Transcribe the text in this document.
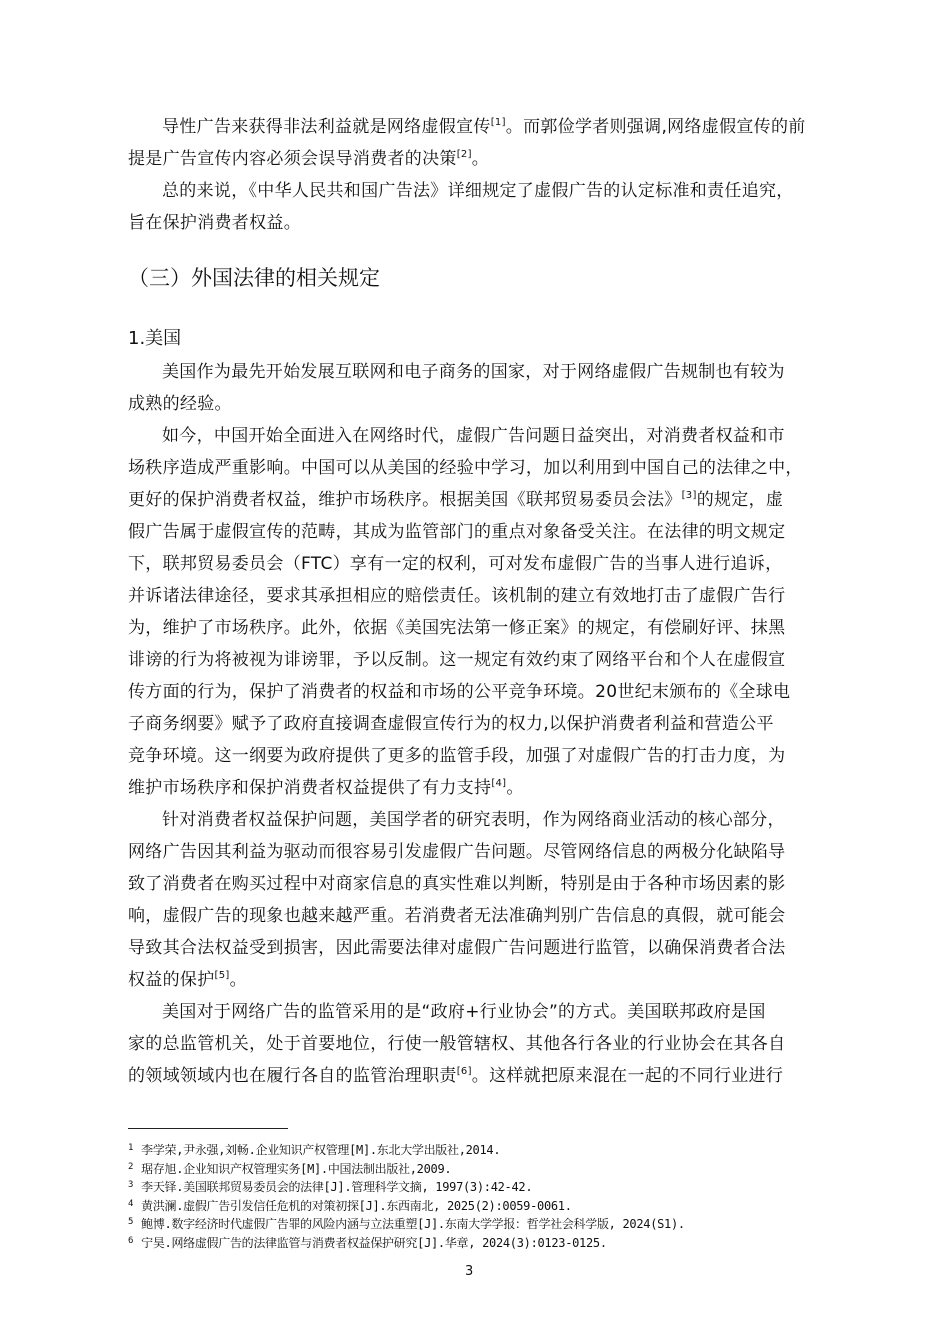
导性广告来获得非法利益就是网络虚假宣传[1]。而郭俭学者则强调,网络虚假宣传的前

提是广告宣传内容必须会误导消费者的决策[2]。

总的来说，《中华人民共和国广告法》详细规定了虚假广告的认定标准和责任追究，

旨在保护消费者权益。

（三）外国法律的相关规定
1.美国

美国作为最先开始发展互联网和电子商务的国家，对于网络虚假广告规制也有较为

成熟的经验。

如今，中国开始全面进入在网络时代，虚假广告问题日益突出，对消费者权益和市

场秩序造成严重影响。中国可以从美国的经验中学习，加以利用到中国自己的法律之中，

更好的保护消费者权益，维护市场秩序。根据美国《联邦贸易委员会法》[3]的规定，虚

假广告属于虚假宣传的范畴，其成为监管部门的重点对象备受关注。在法律的明文规定

下，联邦贸易委员会（FTC）享有一定的权利，可对发布虚假广告的当事人进行追诉，

并诉诸法律途径，要求其承担相应的赔偿责任。该机制的建立有效地打击了虚假广告行

为，维护了市场秩序。此外，依据《美国宪法第一修正案》的规定，有偿刷好评、抹黑

诽谤的行为将被视为诽谤罪，予以反制。这一规定有效约束了网络平台和个人在虚假宣

传方面的行为，保护了消费者的权益和市场的公平竞争环境。20世纪末颁布的《全球电

子商务纲要》赋予了政府直接调查虚假宣传行为的权力,以保护消费者利益和营造公平

竞争环境。这一纲要为政府提供了更多的监管手段，加强了对虚假广告的打击力度，为

维护市场秩序和保护消费者权益提供了有力支持[4]。

针对消费者权益保护问题，美国学者的研究表明，作为网络商业活动的核心部分，

网络广告因其利益为驱动而很容易引发虚假广告问题。尽管网络信息的两极分化缺陷导

致了消费者在购买过程中对商家信息的真实性难以判断，特别是由于各种市场因素的影

响，虚假广告的现象也越来越严重。若消费者无法准确判别广告信息的真假，就可能会

导致其合法权益受到损害，因此需要法律对虚假广告问题进行监管，以确保消费者合法

权益的保护[5]。

美国对于网络广告的监管采用的是“政府+行业协会”的方式。美国联邦政府是国

家的总监管机关，处于首要地位，行使一般管辖权、其他各行各业的行业协会在其各自

的领域领域内也在履行各自的监管治理职责[6]。这样就把原来混在一起的不同行业进行

$^1$ 李学荣,尹永强,刘畅.企业知识产权管理[M].东北大学出版社,2014.
$^2$ 琚存旭.企业知识产权管理实务[M].中国法制出版社,2009.
$^3$ 李天铎.美国联邦贸易委员会的法律[J].管理科学文摘, 1997(3):42-42.
$^4$ 黄洪澜.虚假广告引发信任危机的对策初探[J].东西南北, 2025(2):0059-0061.
$^5$ 鲍博.数字经济时代虚假广告罪的风险内涵与立法重塑[J].东南大学学报：哲学社会科学版, 2024(S1).
$^6$ 宁昊.网络虚假广告的法律监管与消费者权益保护研究[J].华章, 2024(3):0123-0125.
3
